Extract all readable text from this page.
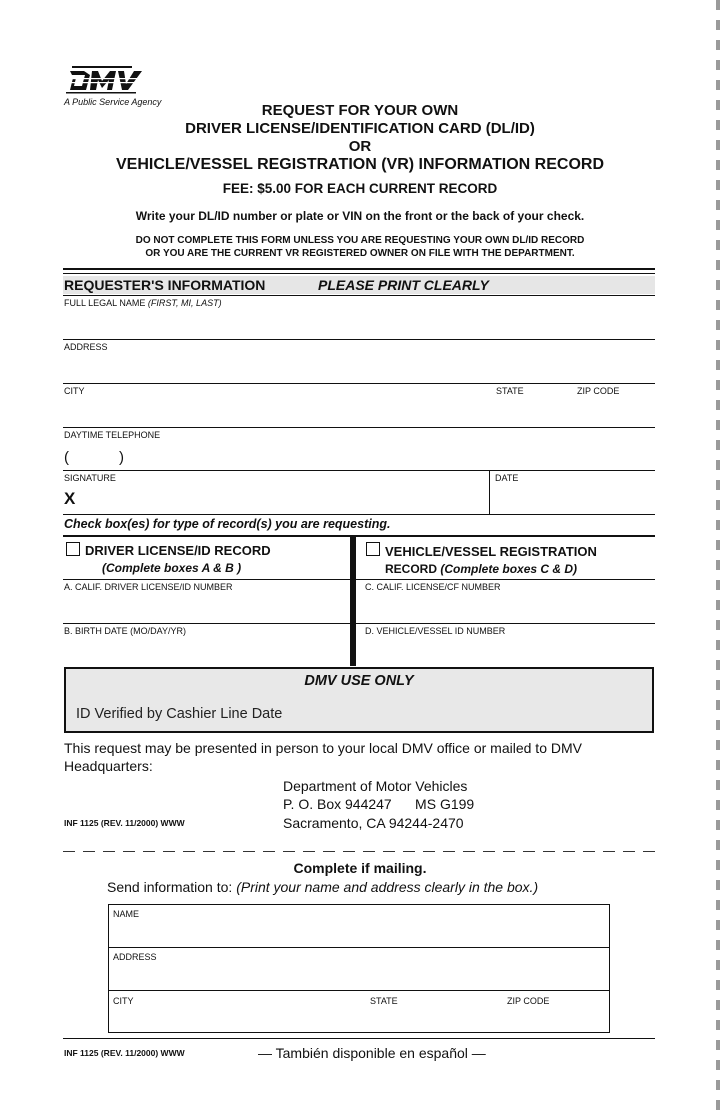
A Public Service Agency	REQUEST FOR YOUR OWN
DRIVER LICENSE/IDENTIFICATION CARD (DL/ID)
OR
VEHICLE/VESSEL REGISTRATION (VR) INFORMATION RECORD
FEE: $5.00 FOR EACH CURRENT RECORD
Write your DL/ID number or plate or VIN on the front or the back of your check.
DO NOT COMPLETE THIS FORM UNLESS YOU ARE REQUESTING YOUR OWN DL/ID RECORD
OR YOU ARE THE CURRENT VR REGISTERED OWNER ON FILE WITH THE DEPARTMENT.
REQUESTER'S INFORMATION	PLEASE PRINT CLEARLY
FULL LEGAL NAME (FIRST, MI, LAST)
ADDRESS
CITY	STATE	ZIP CODE
DAYTIME TELEPHONE
(            )
SIGNATURE
X
DATE
Check box(es) for type of record(s) you are requesting.
DRIVER LICENSE/ID RECORD
(Complete boxes A & B )
VEHICLE/VESSEL REGISTRATION
RECORD (Complete boxes C & D)
A. CALIF. DRIVER LICENSE/ID NUMBER	C. CALIF. LICENSE/CF NUMBER
B. BIRTH DATE (MO/DAY/YR)	D. VEHICLE/VESSEL ID NUMBER
DMV USE ONLY
ID Verified by Cashier Line Date
This request may be presented in person to your local DMV office or mailed to DMV
Headquarters:
Department of Motor Vehicles
P. O. Box 944247      MS G199
Sacramento, CA 94244-2470
INF 1125 (REV. 11/2000) WWW
Complete if mailing.
Send information to: (Print your name and address clearly in the box.)
NAME
ADDRESS
CITY	STATE	ZIP CODE
INF 1125 (REV. 11/2000) WWW	— También disponible en español —
